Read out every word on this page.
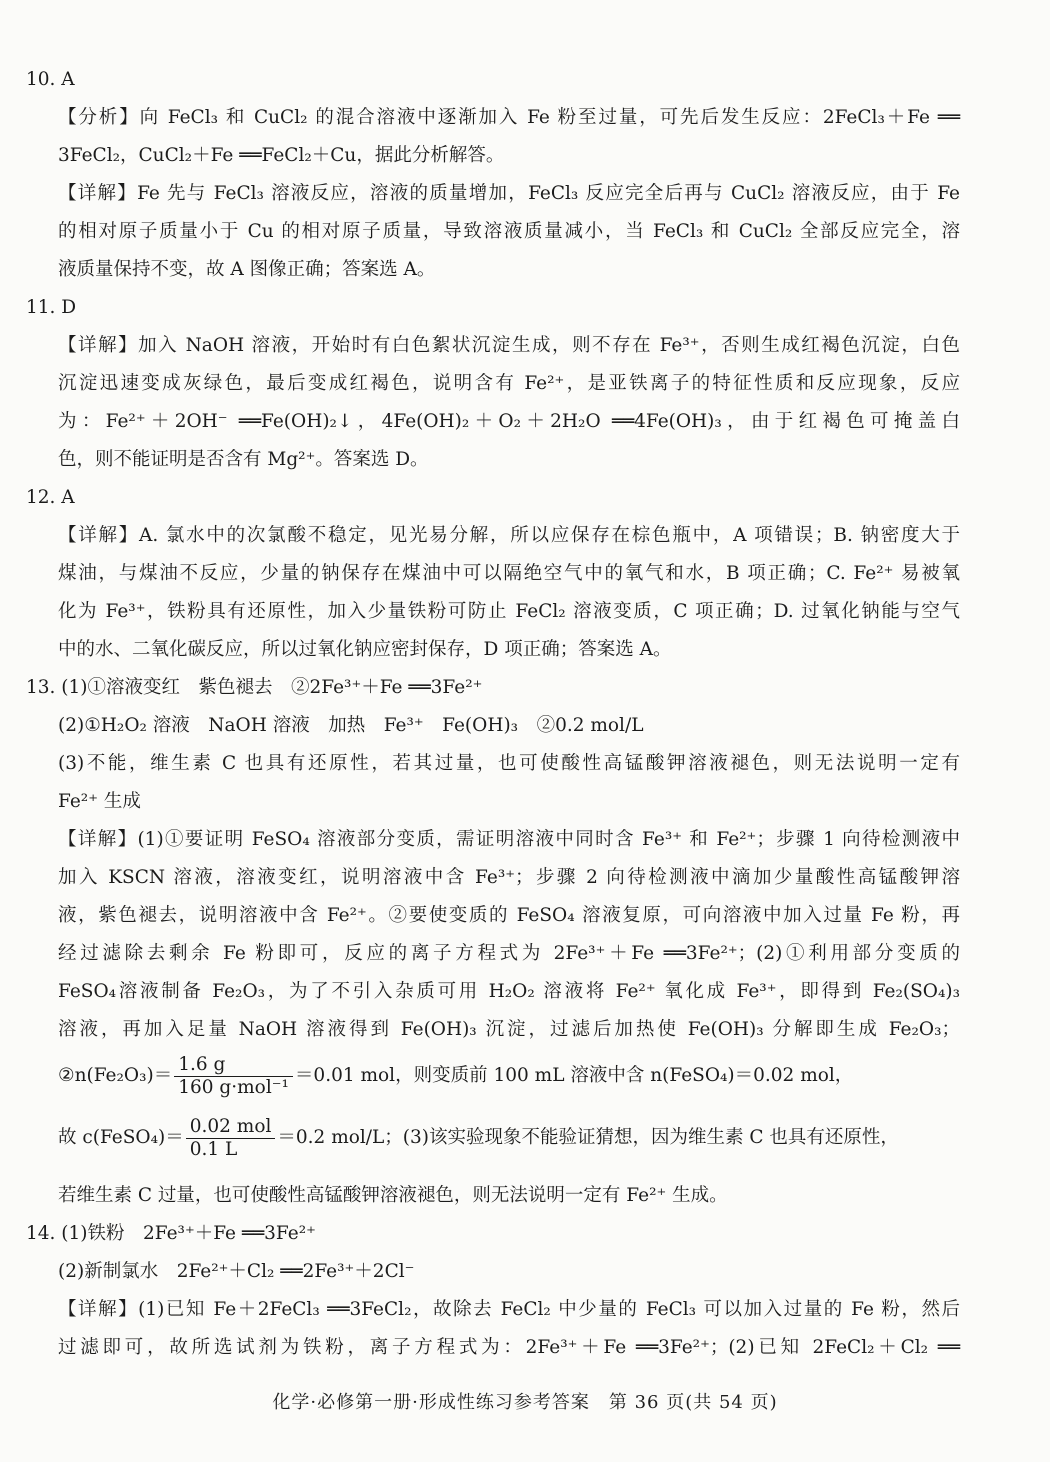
10. A
【分析】向 FeCl₃ 和 CuCl₂ 的混合溶液中逐渐加入 Fe 粉至过量，可先后发生反应：2FeCl₃＋Fe ══
3FeCl₂，CuCl₂＋Fe ══FeCl₂＋Cu，据此分析解答。
【详解】Fe 先与 FeCl₃ 溶液反应，溶液的质量增加，FeCl₃ 反应完全后再与 CuCl₂ 溶液反应，由于 Fe
的相对原子质量小于 Cu 的相对原子质量，导致溶液质量减小，当 FeCl₃ 和 CuCl₂ 全部反应完全，溶
液质量保持不变，故 A 图像正确；答案选 A。
11. D
【详解】加入 NaOH 溶液，开始时有白色絮状沉淀生成，则不存在 Fe³⁺，否则生成红褐色沉淀，白色
沉淀迅速变成灰绿色，最后变成红褐色，说明含有 Fe²⁺，是亚铁离子的特征性质和反应现象，反应
为：Fe²⁺＋2OH⁻ ══Fe(OH)₂↓，4Fe(OH)₂＋O₂＋2H₂O ══4Fe(OH)₃，由于红褐色可掩盖白
色，则不能证明是否含有 Mg²⁺。答案选 D。
12. A
【详解】A. 氯水中的次氯酸不稳定，见光易分解，所以应保存在棕色瓶中，A 项错误；B. 钠密度大于
煤油，与煤油不反应，少量的钠保存在煤油中可以隔绝空气中的氧气和水，B 项正确；C. Fe²⁺ 易被氧
化为 Fe³⁺，铁粉具有还原性，加入少量铁粉可防止 FeCl₂ 溶液变质，C 项正确；D. 过氧化钠能与空气
中的水、二氧化碳反应，所以过氧化钠应密封保存，D 项正确；答案选 A。
13. (1)①溶液变红　紫色褪去　②2Fe³⁺＋Fe ══3Fe²⁺
(2)①H₂O₂ 溶液　NaOH 溶液　加热　Fe³⁺　Fe(OH)₃　②0.2 mol/L
(3)不能，维生素 C 也具有还原性，若其过量，也可使酸性高锰酸钾溶液褪色，则无法说明一定有
Fe²⁺ 生成
【详解】(1)①要证明 FeSO₄ 溶液部分变质，需证明溶液中同时含 Fe³⁺ 和 Fe²⁺；步骤 1 向待检测液中
加入 KSCN 溶液，溶液变红，说明溶液中含 Fe³⁺；步骤 2 向待检测液中滴加少量酸性高锰酸钾溶
液，紫色褪去，说明溶液中含 Fe²⁺。②要使变质的 FeSO₄ 溶液复原，可向溶液中加入过量 Fe 粉，再
经过滤除去剩余 Fe 粉即可，反应的离子方程式为 2Fe³⁺＋Fe ══3Fe²⁺；(2)①利用部分变质的
FeSO₄溶液制备 Fe₂O₃，为了不引入杂质可用 H₂O₂ 溶液将 Fe²⁺ 氧化成 Fe³⁺，即得到 Fe₂(SO₄)₃
溶液，再加入足量 NaOH 溶液得到 Fe(OH)₃ 沉淀，过滤后加热使 Fe(OH)₃ 分解即生成 Fe₂O₃；
②n(Fe₂O₃)＝ $\frac{1.6 g}{\text{160 g·mol⁻¹}} =0.01$ mol，则变质前 100 mL 溶液中含 n(FeSO₄)＝0.02 mol，
故 c(FeSO₄)＝ $\frac{\text{0.02 mol}}{0.1 L} =0.2$ mol/L；(3)该实验现象不能验证猜想，因为维生素 C 也具有还原性，
若维生素 C 过量，也可使酸性高锰酸钾溶液褪色，则无法说明一定有 Fe²⁺ 生成。
14. (1)铁粉　2Fe³⁺＋Fe ══3Fe²⁺
(2)新制氯水　2Fe²⁺＋Cl₂ ══2Fe³⁺＋2Cl⁻
【详解】(1)已知 Fe＋2FeCl₃ ══3FeCl₂，故除去 FeCl₂ 中少量的 FeCl₃ 可以加入过量的 Fe 粉，然后
过滤即可，故所选试剂为铁粉，离子方程式为：2Fe³⁺＋Fe ══3Fe²⁺；(2)已知 2FeCl₂＋Cl₂ ══
化学·必修第一册·形成性练习参考答案　第 36 页(共 54 页)
